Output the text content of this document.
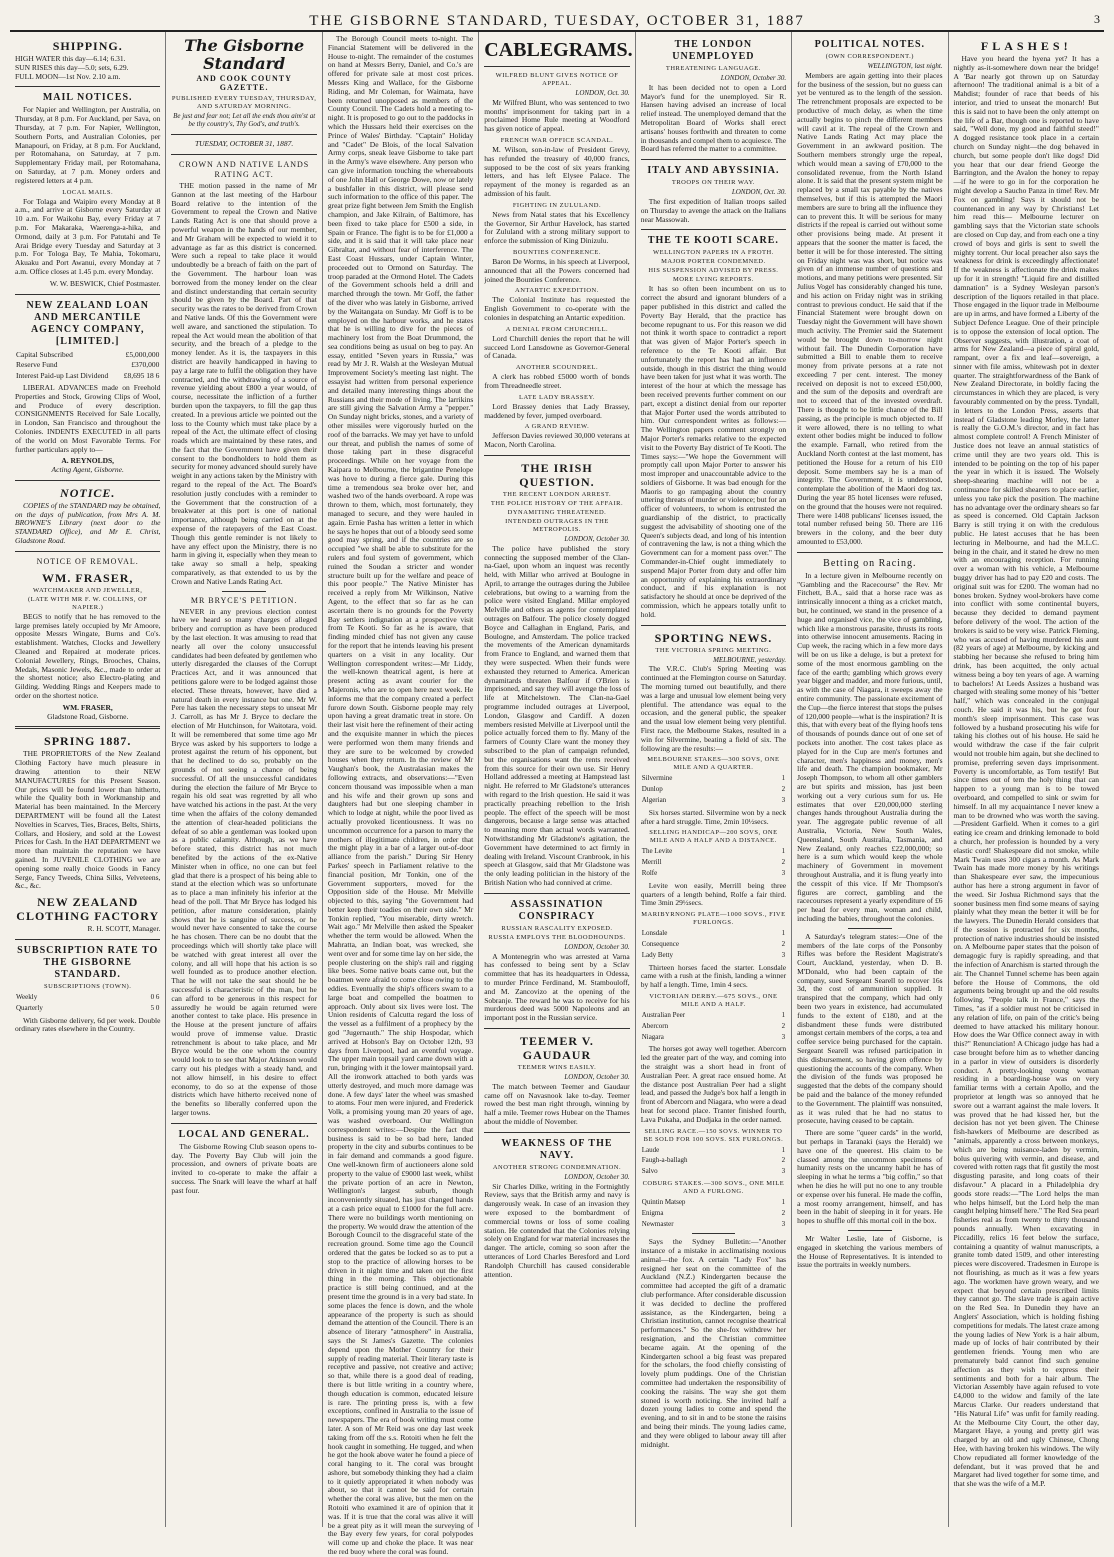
THE GISBORNE STANDARD, TUESDAY, OCTOBER 31, 1887	3
SHIPPING.
HIGH WATER this day—6.14; 6.31.
SUN RISES this day—5.0; sets, 6.29.
FULL MOON—1st Nov. 2.10 a.m.
MAIL NOTICES.

For Napier and Wellington, per Australia, on Thursday, at 8 p.m. For Auckland, per Sava, on Thursday, at 7 p.m. For Napier, Wellington, Southern Ports, and Australian Colonies, per Manapouri, on Friday, at 8 p.m. For Auckland, per Rotomahana, on Saturday, at 7 p.m. Supplementary Friday mail, per Rotomahana, on Saturday, at 7 p.m. Money orders and registered letters at 4 p.m.

LOCAL MAILS.

For Tolaga and Waipiro every Monday at 8 a.m., and arrive at Gisborne every Saturday at 10 a.m. For Waikohu Bay, every Friday at 7 p.m. For Makaraka, Waerenga-a-hika, and Ormond, daily at 3 p.m. For Patutahi and Te Arai Bridge every Tuesday and Saturday at 3 p.m. For Tologa Bay, Te Mahia, Tokomaru, Akuaku and Port Awanui, every Monday at 7 a.m. Office closes at 1.45 p.m. every Monday.

W. W. BESWICK, Chief Postmaster.
NEW ZEALAND LOAN AND MERCANTILE AGENCY COMPANY, [LIMITED.]
Capital Subscribed	£5,000,000
Reserve Fund	£370,000
Interest Paid-up Last Dividend	£8,695 18 6

LIBERAL ADVANCES made on Freehold Properties and Stock, Growing Clips of Wool, and Produce of every description. CONSIGNMENTS Received for Sale Locally, in London, San Francisco and throughout the Colonies. INDENTS EXECUTED in all parts of the world on Most Favorable Terms. For further particulars apply to—

A. REYNOLDS,
Acting Agent, Gisborne.
NOTICE.

COPIES of the STANDARD may be obtained, on the days of publication, from Mrs A. M. BROWNE'S Library (next door to the STANDARD Office), and Mr E. Christ, Gladstone Road.

NOTICE OF REMOVAL.
WM. FRASER,
WATCHMAKER AND JEWELLER,
(LATE WITH MR F. W. COLLINS, OF NAPIER.)

BEGS to notify that he has removed to the large premises lately occupied by Mr Amoore, opposite Messrs Wingate, Burns and Co's. establishment. Watches, Clocks and Jewellery Cleaned and Repaired at moderate prices. Colonial Jewellery, Rings, Brooches, Chains, Medals, Masonic Jewels, &c., made to order at the shortest notice; also Electro-plating and Gilding. Wedding Rings and Keepers made to order on the shortest notice.

WM. FRASER,
Gladstone Road, Gisborne.
SPRING 1887.

THE PROPRIETORS of the New Zealand Clothing Factory have much pleasure in drawing attention to their NEW MANUFACTURES for this Present Season. Our prices will be found lower than hitherto, while the Quality both in Workmanship and Material has been maintained. In the Mercery DEPARTMENT will be found all the Latest Novelties in Scarves, Ties, Braces, Belts, Shirts, Collars, and Hosiery, and sold at the Lowest Prices for Cash. In the HAT DEPARTMENT we more than maintain the reputation we have gained. In JUVENILE CLOTHING we are opening some really choice Goods in Fancy Serge, Fancy Tweeds, China Silks, Velveteens, &c., &c.

NEW ZEALAND CLOTHING FACTORY
R. H. SCOTT, Manager.
SUBSCRIPTION RATE TO THE GISBORNE STANDARD.
SUBSCRIPTIONS (TOWN).
Weekly	0 6
Quarterly	5 0

With Gisborne delivery, 6d per week. Double ordinary rates elsewhere in the Country.

The Gisborne Standard
AND COOK COUNTY GAZETTE.
PUBLISHED EVERY TUESDAY, THURSDAY, AND SATURDAY MORNING.
Be just and fear not; Let all the ends thou aim'st at be thy country's, Thy God's, and truth's.
TUESDAY, OCTOBER 31, 1887.
CROWN AND NATIVE LANDS RATING ACT.

THE motion passed in the name of Mr Gannon at the last meeting of the Harbour Board relative to the intention of the Government to repeal the Crown and Native Lands Rating Act is one that should prove a powerful weapon in the hands of our member, and Mr Graham will be expected to wield it to advantage as far as this district is concerned. Were such a repeal to take place it would undoubtedly be a breach of faith on the part of the Government. The harbour loan was borrowed from the money lender on the clear and distinct understanding that certain security should be given by the Board. Part of that security was the rates to be derived from Crown and Native lands. Of this the Government were well aware, and sanctioned the stipulation. To repeal the Act would mean the abolition of that security, and the breach of a pledge to the money lender. As it is, the taxpayers in this district are heavily handicapped in having to pay a large rate to fulfil the obligation they have contracted, and the withdrawing of a source of revenue yielding about £800 a year would, of course, necessitate the infliction of a further burden upon the taxpayers, to fill the gap thus created. In a previous article we pointed out the loss to the County which must take place by a repeal of the Act, the ultimate effect of closing roads which are maintained by these rates, and the fact that the Government have given their consent to the bondholders to hold them as security for money advanced should surely have weight in any actions taken by the Ministry with regard to the repeal of the Act. The Board's resolution justly concludes with a reminder to the Government that the construction of a breakwater at this port is one of national importance, although being carried on at the expense of the ratepayers of the East Coast. Though this gentle reminder is not likely to have any effect upon the Ministry, there is no harm in giving it, especially when they mean to take away so small a help, speaking comparatively, as that extended to us by the Crown and Native Lands Rating Act.

MR BRYCE'S PETITION.

NEVER in any previous election contest have we heard so many charges of alleged bribery and corruption as have been produced by the last election. It was amusing to read that nearly all over the colony unsuccessful candidates had been defeated by gentlemen who utterly disregarded the clauses of the Corrupt Practices Act, and it was announced that petitions galore were to be lodged against those elected. These threats, however, have died a natural death in every instance but one. Mr W. Pere has taken the necessary steps to unseat Mr J. Carroll, as has Mr J. Bryce to declare the election of Mr Hutchinson, for Waitotara, void. It will be remembered that some time ago Mr Bryce was asked by his supporters to lodge a protest against the return of his opponent, but that he declined to do so, probably on the grounds of not seeing a chance of being successful. Of all the unsuccessful candidates during the election the failure of Mr Bryce to regain his old seat was regretted by all who have watched his actions in the past. At the very time when the affairs of the colony demanded the attention of clear-headed politicians the defeat of so able a gentleman was looked upon as a public calamity. Although, as we have before stated, this district has not much benefited by the actions of the ex-Native Minister when in office, no one can but feel glad that there is a prospect of his being able to stand at the election which was so unfortunate as to place a man infinitely his inferior at the head of the poll. That Mr Bryce has lodged his petition, after mature consideration, plainly shows that he is sanguine of success, or he would never have consented to take the course he has chosen. There can be no doubt that the proceedings which will shortly take place will be watched with great interest all over the colony, and all will hope that his action is so well founded as to produce another election. That he will not take the seat should he be successful is characteristic of the man, but he can afford to be generous in this respect for assuredly he would be again returned were another contest to take place. His presence in the House at the present juncture of affairs would prove of immense value. Drastic retrenchment is about to take place, and Mr Bryce would be the one whom the country would look to to see that Major Atkinson would carry out his pledges with a steady hand, and not allow himself, in his desire to effect economy, to do so at the expense of those districts which have hitherto received none of the benefits so liberally conferred upon the larger towns.

LOCAL AND GENERAL.

The Gisborne Rowing Club season opens to-day. The Poverty Bay Club will join the procession, and owners of private boats are invited to co-operate to make the affair a success. The Snark will leave the wharf at half past four.

The Borough Council meets to-night. The Financial Statement will be delivered in the House to-night. The remainder of the costumes on hand at Messrs Berry, Daniel, and Co.'s are offered for private sale at most cost prices. Messrs King and Wallace, for the Gisborne Riding, and Mr Coleman, for Waimata, have been returned unopposed as members of the County Council. The Cadets hold a meeting to-night. It is proposed to go out to the paddocks in which the Hussars held their exercises on the Prince of Wales' Birthday. "Captain" Holiday and "Cadet" De Blois, of the local Salvation Army corps, sneak leave Gisborne to take part in the Army's wave elsewhere. Any person who can give information touching the whereabouts of one John Hall or George Dowe, now or lately a bushfaller in this district, will please send such information to the office of this paper. The great prize fight between Jem Smith the English champion, and Jake Kilrain, of Baltimore, has been fixed to take place for £500 a side, in Spain or France. The fight is to be for £1,000 a side, and it is said that it will take place near Gibraltar, and without fear of interference. The East Coast Hussars, under Captain Winter, proceeded out to Ormond on Saturday. The troop paraded at the Ormond Hotel. The Cadets of the Government schools held a drill and marched through the town. Mr Goff, the father of the diver who was lately in Gisborne, arrived by the Waitangata on Sunday. Mr Goff is to be employed on the harbour works, and he states that he is willing to dive for the pieces of machinery lost from the Boat Drummond, the sea conditions being as usual on beg to pay. An essay, entitled "Seven years in Russia," was read by Mr J. R. Walsh at the Wesleyan Mutual Improvement Society's meeting last night. The essayist had written from personal experience and detailed many interesting things about the Russians and their mode of living. The larrikins are still giving the Salvation Army a "pepper." On Sunday night bricks, stones, and a variety of other missiles were vigorously hurled on the roof of the barracks. We may yet have to unfold our threat, and publish the names of some of those taking part in these disgraceful proceedings. While on her voyage from the Kaipara to Melbourne, the brigantine Penelope was hove to during a fierce gale. During this time a tremendous sea broke over her, and washed two of the hands overboard. A rope was thrown to them, which, most fortunately, they managed to secure, and they were hauled in again. Ernie Pasha has written a letter in which he says he hopes that out of a bloody seed some good may spring, and if the countries are so occupied "we shall be able to substitute for the rulers and foul system of government, which ruined the Soudan a stricter and wonder structure built up for the welfare and peace of this poor people." The Native Minister has received a reply from Mr Wilkinson, Native Agent, to the effect that so far as he can ascertain there is no grounds for the Poverty Bay settlers indignation at a prospective visit from Te Kooti. So far as he is aware, that finding minded chief has not given any cause for the report that he intends leaving his present quarters on a visit in any locality. Our Wellington correspondent writes:—Mr Liddy, the well-known theatrical agent, is here at present acting as avant courier for the Majeronis, who are to open here next week. He informs me that the company created a perfect furore down South. Gisborne people may rely upon having a great dramatic treat in store. On their last visit here the refinement of their acting and the exquisite manner in which the pieces were performed won them many friends and they are sure to be welcomed by crowded houses when they return. In the review of Mr Vaughan's book, the Australasian makes the following extracts, and observations:—"Even concern thousand was impossible when a man and his wife and their grown up sons and daughters had but one sleeping chamber in which to lodge at night, while the poor lived as actually provoked licentiousness. It was no uncommon occurrence for a parson to marry the mothers of illegitimate children, in order that the might play in a bar of a larger out-of-door alliance from the parish." During Sir Henry Parkes' speech in Parliament relative to the financial position, Mr Tonkin, one of the Government supporters, moved for the Opposition side of the House. Mr Melville objected to this, saying "the Government had better keep their toadies on their own side." Mr Tonkin replied, "You miserable, dirty wretch. Wait ago." Mr Melville then asked the Speaker whether the term would be allowed. When the Mahratta, an Indian boat, was wrecked, she went over and for some time lay on her side, the people clustering on the ship's rail and rigging like bees. Some native boats came out, but the boatmen were afraid to come close owing to the eddies. Eventually the ship's officers swam to a large boat and compelled the boatmen to approach. Only about six lives were lost. The Union residents of Calcutta regard the loss of the vessel as a fulfilment of a prophecy by the god "Jugernauth." The ship Hospodar, which arrived at Hobson's Bay on October 12th, 93 days from Liverpool, had an eventful voyage. The upper main topsail yard came down with a run, bringing with it the lower maintopsail yard. All the ironwork attached to both yards was utterly destroyed, and much more damage was done. A few days' later the wheel was smashed to atoms. Four men were injured, and Frederick Volk, a promising young man 20 years of age, was washed overboard. Our Wellington correspondent writes:—Despite the fact that business is said to be so bad here, landed property in the city and suburbs continues to be in fair demand and commands a good figure. One well-known firm of auctioneers alone sold property to the value of £9000 last week, whilst the private portion of an acre in Newton, Wellington's largest suburb, though inconveniently situated, has just changed hands at a cash price equal to £1000 for the full acre. There were no buildings worth mentioning on the property. We would draw the attention of the Borough Council to the disgraceful state of the recreation ground. Some time ago the Council ordered that the gates be locked so as to put a stop to the practice of allowing horses to be driven in it night time and taken out the first thing in the morning. This objectionable practice is still being continued, and at the present time the ground is in a very bad state. In some places the fence is down, and the whole appearance of the property is such as should demand the attention of the Council. There is an absence of literary "atmosphere" in Australia, says the St James's Gazette. The colonies depend upon the Mother Country for their supply of reading material. Their literary taste is receptive and passive, not creative and active; so that, while there is a good deal of reading, there is but little writing in a country where, though education is common, educated leisure is rare. The printing press is, with a few exceptions, confined in Australia to the issue of newspapers. The era of book writing must come later. A son of Mr Reid was one day last week taking from off the s.s. Rotoiti when he felt the hook caught in something. He tugged, and when he got the hook above water he found a piece of coral hanging to it. The coral was brought ashore, but somebody thinking they had a claim to it quietly appropriated it when nobody was about, so that it cannot be said for certain whether the coral was alive, but the men on the Rotoiti who examined it are of opinion that it was. If it is true that the coral was alive it will be a great pity as it will mean the surveying of the Bay every few years, for coral polypodes will come up and choke the place. It was near the red buoy where the coral was found.

CABLEGRAMS.
WILFRED BLUNT GIVES NOTICE OF APPEAL.
LONDON, Oct. 30.

Mr Wilfred Blunt, who was sentenced to two months' imprisonment for taking part in a proclaimed Home Rule meeting at Woodford has given notice of appeal.

FRENCH WAR OFFICE SCANDAL.

M. Wilson, son-in-law of President Grevy, has refunded the treasury of 40,000 francs, supposed to be the cost of six years franking letters, and has left Elysee Palace. The repayment of the money is regarded as an admission of his fault.

FIGHTING IN ZULULAND.

News from Natal states that his Excellency the Governor, Sir Arthur Havelock, has started for Zululand with a strong military support to enforce the submission of King Dinizulu.

BOUNTIES CONFERENCE.

Baron De Worms, in his speech at Liverpool, announced that all the Powers concerned had joined the Bounties Conference.

ANTARTIC EXPEDITION.

The Colonial Institute has requested the English Government to co-operate with the colonies in despatching an Antartic expedition.

A DENIAL FROM CHURCHILL.

Lord Churchill denies the report that he will succeed Lord Lansdowne as Governor-General of Canada.

ANOTHER SCOUNDREL.

A clerk has robbed £5000 worth of bonds from Threadneedle street.

LATE LADY BRASSEY.

Lord Brassey denies that Lady Brassey, maddened by fever, jumped overboard.

A GRAND REVIEW.

Jefferson Davies reviewed 30,000 veterans at Macon, North Carolina.

THE IRISH QUESTION.
THE RECENT LONDON ARREST.
THE POLICE HISTORY OF THE AFFAIR.
DYNAMITING THREATENED.
INTENDED OUTRAGES IN THE METROPOLIS.
LONDON, October 30.

The police have published the story connecting the supposed member of the Clan-na-Gael, upon whom an inquest was recently held, with Millar who arrived at Boulogne in April, to arrange the outrages during the Jubilee celebrations, but owing to a warning from the police were visited England. Millar employed Melville and others as agents for contemplated outrages on Balfour. The police closely dogged Boyce and Callaghan in England, Paris, and Boulogne, and Amsterdam. The police tracked the movements of the American dynamitards from France to England, and warned them that they were suspected. When their funds were exhausted they returned to America. American dynamitards threaten Balfour if O'Brien is imprisoned, and say they will avenge the loss of life at Mitchelstown. The Clan-na-Gael programme included outrages at Liverpool, London, Glasgow and Cardiff. A dozen members resisted Melville at Liverpool until the police actually forced them to fly. Many of the farmers of County Clare want the money they subscribed to the plan of campaign refunded, but the organisations want the rents received from this source for their own use. Sir Henry Holland addressed a meeting at Hampstead last night. He referred to Mr Gladstone's utterances with regard to the Irish question. He said it was practically preaching rebellion to the Irish people. The effect of the speech will be most dangerous, because a large sense was attached to meaning more than actual words warranted. Notwithstanding Mr Gladstone's agitation, the Government have determined to act firmly in dealing with Ireland. Viscount Cranbrook, in his speech at Glasgow, said that Mr Gladstone was the only leading politician in the history of the British Nation who had connived at crime.

ASSASSINATION CONSPIRACY
RUSSIAN RASCALITY EXPOSED.
RUSSIA EMPLOYS THE BLOODHOUNDS.
LONDON, October 30.

A Montenegrin who was arrested at Varna has confessed to being sent by a Sclav committee that has its headquarters in Odessa, to murder Prince Ferdinand, M. Stambouloff, and M. Zancovizo at the opening of the Sobranje. The reward he was to receive for his murderous deed was 5000 Napoleons and an important post in the Russian service.

TEEMER V. GAUDAUR
TEEMER WINS EASILY.
LONDON, October 30.

The match between Teemer and Gaudaur came off on Navasnook lake to-day. Teemer rowed the best man right through, winning by half a mile. Teemer rows Hubear on the Thames about the middle of November.

WEAKNESS OF THE NAVY.
ANOTHER STRONG CONDEMNATION.
LONDON, October 30.

Sir Charles Dilke, writing in the Fortnightly Review, says that the British army and navy is dangerously weak. In case of an invasion they were exposed to the bombardment of commercial towns or loss of some coaling station. He contended that the Colonies relying solely on England for war material increases the danger. The article, coming so soon after the utterances of Lord Charles Beresford and Lord Randolph Churchill has caused considerable attention.

THE LONDON UNEMPLOYED
THREATENING LANGUAGE.
LONDON, October 30.

It has been decided not to open a Lord Mayor's fund for the unemployed. Sir R. Hansen having advised an increase of local relief instead. The unemployed demand that the Metropolitan Board of Works shall erect artisans' houses forthwith and threaten to come in thousands and compel them to acquiesce. The Board has referred the matter to a committee.

ITALY AND ABYSSINIA.
TROOPS ON THEIR WAY.
LONDON, Oct. 30.

The first expedition of Italian troops sailed on Thursday to avenge the attack on the Italians near Massowah.

THE TE KOOTI SCARE.
WELLINGTON PAPERS IN A FROTH.
MAJOR PORTER CONDEMNED.
HIS SUSPENSION ADVISED BY PRESS.
MORE LYING REPORTS.

It has so often been incumbent on us to correct the absurd and ignorant blunders of a paper published in this district and called the Poverty Bay Herald, that the practice has become repugnant to us. For this reason we did not think it worth space to contradict a report that was given of Major Porter's speech in reference to the Te Kooti affair. But unfortunately the report has had an influence outside, though in this district the thing would have been taken for just what it was worth. The interest of the hour at which the message has been received prevents further comment on our part, except a distinct denial from our reporter that Major Porter used the words attributed to him. Our correspondent writes as follows:— The Wellington papers comment strongly on Major Porter's remarks relative to the expected visit to the Poverty Bay district of Te Kooti. The Times says:—"We hope the Government will promptly call upon Major Porter to answer his most improper and unaccountable advice to the soldiers of Gisborne. It was bad enough for the Maoris to go rampaging about the country uttering threats of murder or violence; but for an officer of volunteers, to whom is entrusted the guardianship of the district, to practically suggest the advisability of shooting one of the Queen's subjects dead, and long of his intention of contravening the law, is not a thing which the Government can for a moment pass over." The Commander-in-Chief ought immediately to suspend Major Porter from duty and offer him an opportunity of explaining his extraordinary conduct, and if his explanation is not satisfactory he should at once be deprived of the commission, which he appears totally unfit to hold.

SPORTING NEWS.
THE VICTORIA SPRING MEETING.
MELBOURNE, yesterday.

The V.R.C. Club's Spring Meeting was continued at the Flemington course on Saturday. The morning turned out beautifully, and there was a large and unusual low element being very plentiful. The attendance was equal to the occasion, and the general public, the speaker and the usual low element being very plentiful. First race, the Melbourne Stakes, resulted in a win for Silvermine, beating a field of six. The following are the results:—

MELBOURNE STAKES—300 SOVS, ONE MILE AND A QUARTER.
Silvermine	1
Dunlop	2
Algerian	3

Six horses started. Silvermine won by a neck after a hard struggle. Time, 2min 10½secs.

SELLING HANDICAP—200 SOVS, ONE MILE AND A HALF AND A DISTANCE.
The Levite	1
Merrill	2
Rolfe	3

Levite won easily, Merrill being three quarters of a length behind, Rolfe a fair third. Time 3min 29½secs.

MARIBYRNONG PLATE—1000 SOVS., FIVE FURLONGS.
Lonsdale	1
Consequence	2
Lady Betty	3

Thirteen horses faced the starter. Lonsdale came with a rush at the finish, landing a winner by half a length. Time, 1min 4 secs.

VICTORIAN DERBY.—675 SOVS., ONE MILE AND A HALF.
Australian Peer	1
Abercorn	2
Niagara	3

The horses got away well together. Abercorn led the greater part of the way, and coming into the straight was a short head in front of Australian Peer. A great race ensued home. At the distance post Australian Peer had a slight lead, and passed the Judge's box half a length in front of Abercorn and Niagara, who were a dead heat for second place. Tranter finished fourth, Lava Pukaha, and Dudjaka in the order named.

SELLING RACE.—150 SOVS. WINNER TO BE SOLD FOR 100 SOVS. SIX FURLONGS.
Laude	1
Faugh-a-ballagh	2
Salvo	3
COBURG STAKES.—300 SOVS., ONE MILE AND A FURLONG.
Quintin Matsep	1
Enigma	2
Newmaster	3

Says the Sydney Bulletin:—"Another instance of a mistake in acclimatising noxious animal—the fox. A certain "Lady Fox" has resigned her seat on the committee of the Auckland (N.Z.) Kindergarten because the committee had accepted the gift of a dramatic club performance. After considerable discussion it was decided to decline the proffered assistance, as the Kindergarten, being a Christian institution, cannot recognise theatrical performances." So the she-fox withdrew her resignation, and the Christian committee became again. At the opening of the Kindergarten school a big feast was prepared for the scholars, the food chiefly consisting of lovely plum puddings. One of the Christian committee had undertaken the responsibility of cooking the raisins. The way she got them stoned is worth noticing. She invited half a dozen young ladies to come and spend the evening, and to sit in and to be stone the raisins and being their minds. The young ladies came, and they were obliged to labour away till after midnight.

POLITICAL NOTES.
(OWN CORRESPONDENT.)
WELLINGTON, last night.

Members are again getting into their places for the business of the session, but no guess can yet be ventured as to the length of the session. The retrenchment proposals are expected to be productive of much delay, as when the time actually begins to pinch the different members will cavil at it. The repeal of the Crown and Native Lands Rating Act may place the Government in an awkward position. The Southern members strongly urge the repeal, which would mean a saving of £70,000 to the consolidated revenue, from the North Island alone. It is said that the present system might be replaced by a small tax payable by the natives themselves, but if this is attempted the Maori members are sure to bring all the influence they can to prevent this. It will be serious for many districts if the repeal is carried out without some other provisions being made. At present it appears that the sooner the matter is faced, the better it will be for those interested. The sitting on Friday night was was short, but notice was given of an immense number of questions and motions, and many petitions were presented. Sir Julius Vogel has considerably changed his tune, and his action on Friday night was in striking contrast to previous conduct. He said that if the Financial Statement were brought down on Tuesday night the Government will have shown much activity. The Premier said the Statement would be brought down to-morrow night without fail. The Dunedin Corporation have submitted a Bill to enable them to receive money from private persons at a rate not exceeding 7 per cent. interest. The money received on deposit is not to exceed £50,000, and the sum of the deposits and overdraft are not to exceed that of the invested overdraft. There is thought to be little chance of the Bill passing, as the principle is much objected to. If it were allowed, there is no telling to what extent other bodies might be induced to follow the example. Farnall, who retired from the Auckland North contest at the last moment, has petitioned the House for a return of his £10 deposit. Some members say he is a man of integrity. The Government, it is understood, contemplate the abolition of the Maori dog tax. During the year 85 hotel licenses were refused, on the ground that the houses were not required. There were 1408 publicans' licenses issued, the total number refused being 50. There are 116 brewers in the colony, and the beer duty amounted to £53,000.

Betting on Racing.

In a lecture given in Melbourne recently on "Gambling and the Racecourse" the Rev. Mr Fitchett, B.A., said that a horse race was as intrinsically innocent a thing as a cricket match, but, he continued, we stand in the presence of a huge and organised vice, the vice of gambling, which like a monstrous parasite, thrusts its roots into otherwise innocent amusements. Racing in Cup week, the racing which in a few more days will be on us like a deluge, is but a pretext for some of the most enormous gambling on the face of the earth; gambling which grows every year bigger and madder, and more furious, until, as with the case of Niagara, it sweeps away the entire community. The passionate excitement of the Cup—the fierce interest that stops the pulses of 120,000 people—what is the inspiration? It is this, that with every beat of the flying hoofs tens of thousands of pounds dance out of one set of pockets into another. The cost takes place as played for in the Cup are men's fortunes and character, men's happiness and money, men's life and death. The champion bookmaker, Mr Joseph Thompson, to whom all other gamblers are but spirits and mission, has just been working out a very curious sum for us. He estimates that over £20,000,000 sterling changes hands throughout Australia during the year. The aggregate public revenue of all Australia, Victoria, New South Wales, Queensland, South Australia, Tasmania, and New Zealand, only reaches £22,000,000; so here is a sum which would keep the whole machinery of Government in movement throughout Australia, and it is flung yearly into the cesspit of this vice. If Mr Thompson's figures are correct, gambling and the racecourses represent a yearly expenditure of £6 per head for every man, woman and child, including the babies, throughout the colonies.

A Saturday's telegram states:—One of the members of the late corps of the Ponsonby Rifles was before the Resident Magistrate's Court, Auckland, yesterday, when D. B. M'Donald, who had been captain of the company, sued Sergeant Searell to recover 16s 3d, the cost of ammunition supplied. It transpired that the company, which had only been two years in existence, had accumulated funds to the extent of £180, and at the disbandment these funds were distributed amongst certain members of the corps, a tea and coffee service being purchased for the captain. Sergeant Searell was refused participation in this disbursement, so having given offence by questioning the accounts of the company. When the division of the funds was proposed he suggested that the debts of the company should be paid and the balance of the money refunded to the Government. The plaintiff was nonsuited, as it was ruled that he had no status to prosecute, having ceased to be captain.

There are some "queer cards" in the world, but perhaps in Taranaki (says the Herald) we have one of the queerest. His claim to be classed among the uncommon specimens of humanity rests on the uncanny habit he has of sleeping in what he terms a "big coffin," so that when he dies he will put no one to any trouble or expense over his funeral. He made the coffin, a most roomy arrangement, himself, and has been in the habit of sleeping in it for years. He hopes to shuffle off this mortal coil in the box.

Mr Walter Leslie, late of Gisborne, is engaged in sketching the various members of the House of Representatives. It is intended to issue the portraits in weekly numbers.

FLASHES!

Have you heard the hyena yet? It has a nightly as-it-somewhere down near the bridge! A 'Bar nearly got thrown up on Saturday afternoon! The traditional animal is a bit of a Mahdist; founder of race that beeds of his interior, and tried to unseat the monarch! But this is said not to have been the only attempt on the life of a Bar, though one is reported to have said, "Well done, my good and faithful steed!" A dogged resistance took place in a certain church on Sunday night—the dog behaved in church, but some people don't like dogs! Did you hear that our dear friend George the Barrington, and the Avalon the honey to repay—if he were to go in for the corporation he might develop a Saucho Panza in time! Rev. Mr Fox on gambling! Says it should not be countenanced in any way by Christians! Let him read this— Melbourne lecturer on gambling says that the Victorian state schools are closed on Cup day, and from each one a tiny crowd of boys and girls is sent to swell the mighty torrent. Our local preacher also says the weakness for drink is exceedingly affectionate! If the weakness is affectionate the drink makes up for it in strength! "Liquid fire and distilled damnation" is a Sydney Wesleyan parson's description of the liquors retailed in that place. Those engaged in the liquor trade in Melbourne are up in arms, and have formed a Liberty of the Subject Defence League. One of their principle is to oppose the extension of local option. The Observer suggests, with illustration, a coat of arms for New Zealand—a piece of spiral gold, rampant, over a fix and leaf—sovereign, a sinner with file amiss, whitewash pot in dexter quarter. The straightforwardness of the Bank of New Zealand Directorate, in boldly facing the circumstances in which they are placed, is very favourably commented on by the press. Tyndall, in letters to the London Press, asserts that instead of Gladstone leading Morley, the latter is really the G.O.M.'s director, and in fact has almost complete control! A French Minister of Justice does not leave an annual statistics of crime until they are two years old. This is intended to be pointing on the top of his paper the year in which it is issued. The Wolsely sheep-shearing machine will not be a continuance for skilled shearers to place earlier, unless you take pick the position. The machine has no advantage over the ordinary shears so far as speed is concerned. Old Captain Jackson Barry is still trying it on with the credulous public. He latest accuses that he has been lecturing in Melbourne, and had the M.L.C. being in the chair, and it stated he drew no men with an encouraging reception. For running over a woman with his vehicle, a Melbourne buggy driver has had to pay £20 and costs. The original suit was for £200. The woman had no bones broken. Sydney wool-brokers have come into conflict with some continental buyers, because they decided to demand payment before delivery of the wool. The action of the brokers is said to be very wise. Patrick Fleming, who was accused of having murdered his aunt (82 years of age) at Melbourne, by kicking and stabbing her because she refused to bring him drink, has been acquitted, the only actual witness being a boy ten years of age. A warning to bachelors! At Leeds Assizes a husband was charged with stealing some money of his "better half," which was concealed in the conjugal couch. He said it was his, but he got four month's sleep imprisonment. This case was followed by a husband prosecuting his wife for taking his clothes out of his house. He said he would withdraw the case if the fair culprit would not trouble him again, but she declined to promise, preferring seven days imprisonment. Poverty is uncomfortable, as Tom testify! But since times out of tem the holy thing that can happen to a young man is to be towed overboard, and compelled to sink or swim for himself. In all my acquaintance I never knew a man to be drowned who was worth the saving.—President Garfield. When it comes to a girl eating ice cream and drinking lemonade to bold a church, her profession is hounded by a very elastic cord! Shakespeare did not smoke, while Mark Twain uses 300 cigars a month. As Mark Twain has made more money by his writings than Shakespeare ever saw, the impecunious author has here a strong argument in favor of the weed. Sir Joshua Richmond says that the sooner business men find some means of saying plainly what they mean the better it will be for the lawyers. The Dunedin Herald considers that if the session is protracted for six months, protection of native industries should be insisted on. A Melbourne paper states that the poison of demagogic fury is rapidly spreading, and that the infection of Anarchism is started through the air. The Channel Tunnel scheme has been again before the House of Commons, the old arguments being brought up and the old results following. "People talk in France," says the Times, "as if a soldier must not be criticised in any relation of life, on pain of the critic's being deemed to have attacked his military honour. How does the War Office connect away in with this?" Renunciation! A Chicago judge has had a case brought before him as to whether dancing in a parlor in view of outsiders is disorderly conduct. A pretty-looking young woman residing in a boarding-house was on very familiar terms with a certain Apollo, and the proprietor at length was so annoyed that he swore out a warrant against the male lovers. It was proved that he had kissed her, but the decision has not yet been given. The Chinese fish-hawkers of Melbourne are described as "animals, apparently a cross between monkeys, which are being nuisance-laden by vermin, bolus quivering with vermin, and disease, and covered with rotten rags that fit gustily the most disgusting parasite, and long coats of their disfavour." A placard in a Philadelphia dry goods store reads:—"The Lord helps the man who helps himself, but the Lord help the man caught helping himself here." The Red Sea pearl fisheries real as from twenty to thirty thousand pounds annually. When excavating in Piccadilly, relics 16 feet below the surface, containing a quantity of walnut manuscripts, a granite tomb dated 1509, and other interesting pieces were discovered. Tradesmen in Europe is not flourishing, as much as it was a few years ago. The workmen have grown weary, and we expect that beyond certain prescribed limits they cannot go. The slave trade is again active on the Red Sea. In Dunedin they have an Anglers' Association, which is holding fishing competitions for medals. The latest craze among the young ladies of New York is a hair album, made up of locks of hair contributed by their gentlemen friends. Young men who are prematurely bald cannot find such genuine affection as they wish to express their sentiments and both for a hair album. The Victorian Assembly have again refused to vote £4,000 to the widow and family of the late Marcus Clarke. Our readers understand that "His Natural Life" was unfit for family reading. At the Melbourne City Court, the other day, Margaret Haye, a young and pretty girl was charged by an old and ugly Chinese, Chong Hee, with having broken his windows. The wily Chow repudiated all former knowledge of the defendant, but it was proved that he and Margaret had lived together for some time, and that she was the wife of a M.P.
